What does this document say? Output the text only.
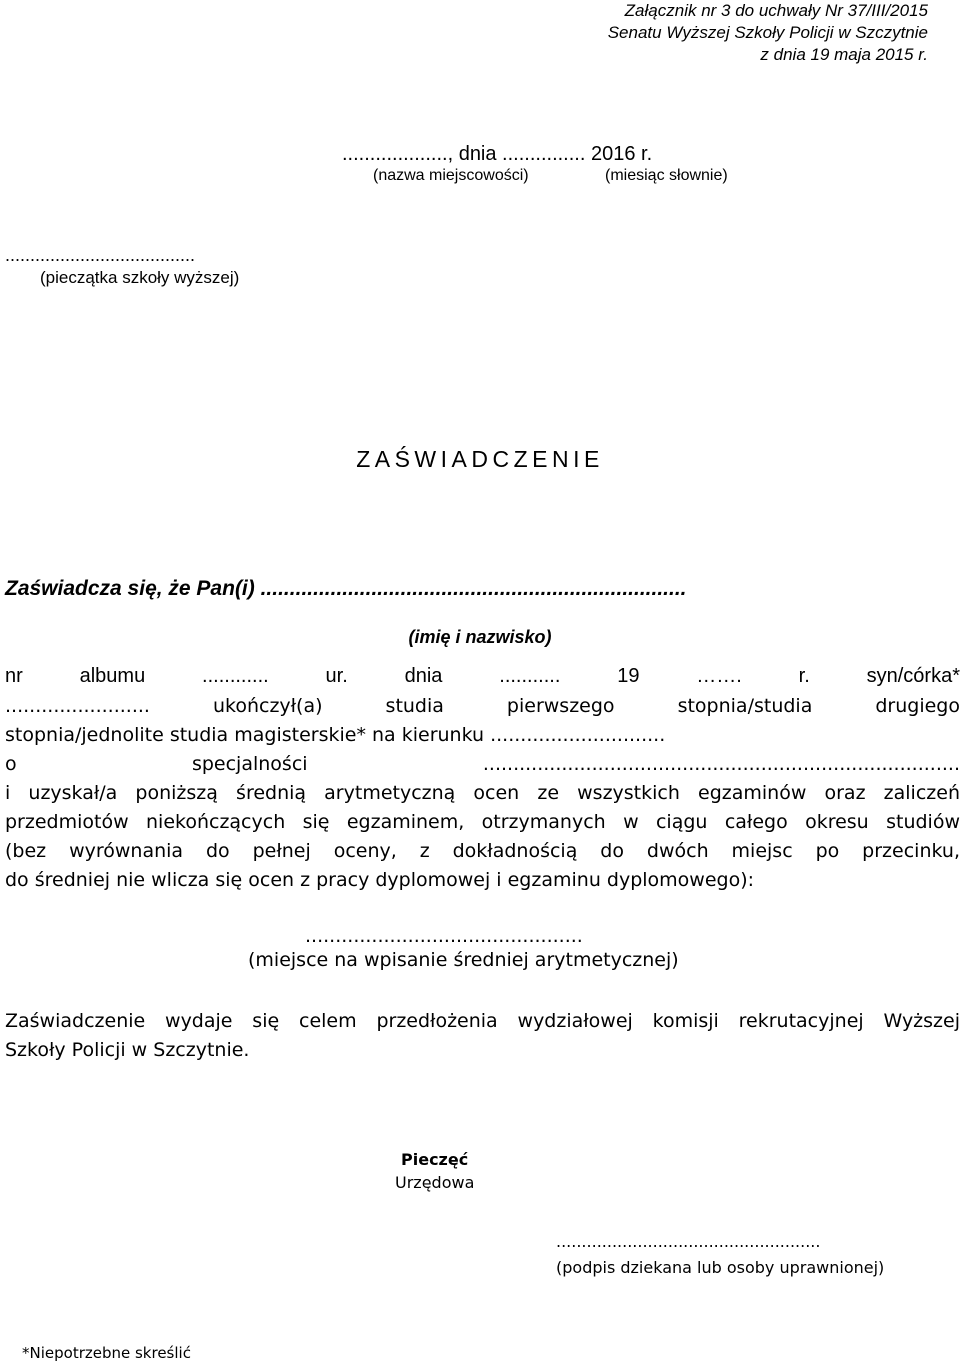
Załącznik nr 3 do uchwały Nr 37/III/2015
Senatu Wyższej Szkoły Policji w Szczytnie
z dnia 19 maja 2015 r.
..................., dnia ............... 2016 r.
(nazwa miejscowości)	(miesiąc słownie)
......................................
(pieczątka szkoły wyższej)
ZAŚWIADCZENIE
Zaświadcza się, że Pan(i) .........................................................................
(imię i nazwisko)
nr albumu ............ ur. dnia ........... 19 ……. r. syn/córka*
........................ ukończył(a) studia pierwszego stopnia/studia drugiego
stopnia/jednolite studia magisterskie* na kierunku .............................
o specjalności ...............................................................................
i uzyskał/a poniższą średnią arytmetyczną ocen ze wszystkich egzaminów oraz zaliczeń
przedmiotów niekończących się egzaminem, otrzymanych w ciągu całego okresu studiów
(bez wyrównania do pełnej oceny, z dokładnością do dwóch miejsc po przecinku,
do średniej nie wlicza się ocen z pracy dyplomowej i egzaminu dyplomowego):
..............................................
(miejsce na wpisanie średniej arytmetycznej)
Zaświadczenie wydaje się celem przedłożenia wydziałowej komisji rekrutacyjnej Wyższej
Szkoły Policji w Szczytnie.
Pieczęć
Urzędowa
....................................................
(podpis dziekana lub osoby uprawnionej)
*Niepotrzebne skreślić
